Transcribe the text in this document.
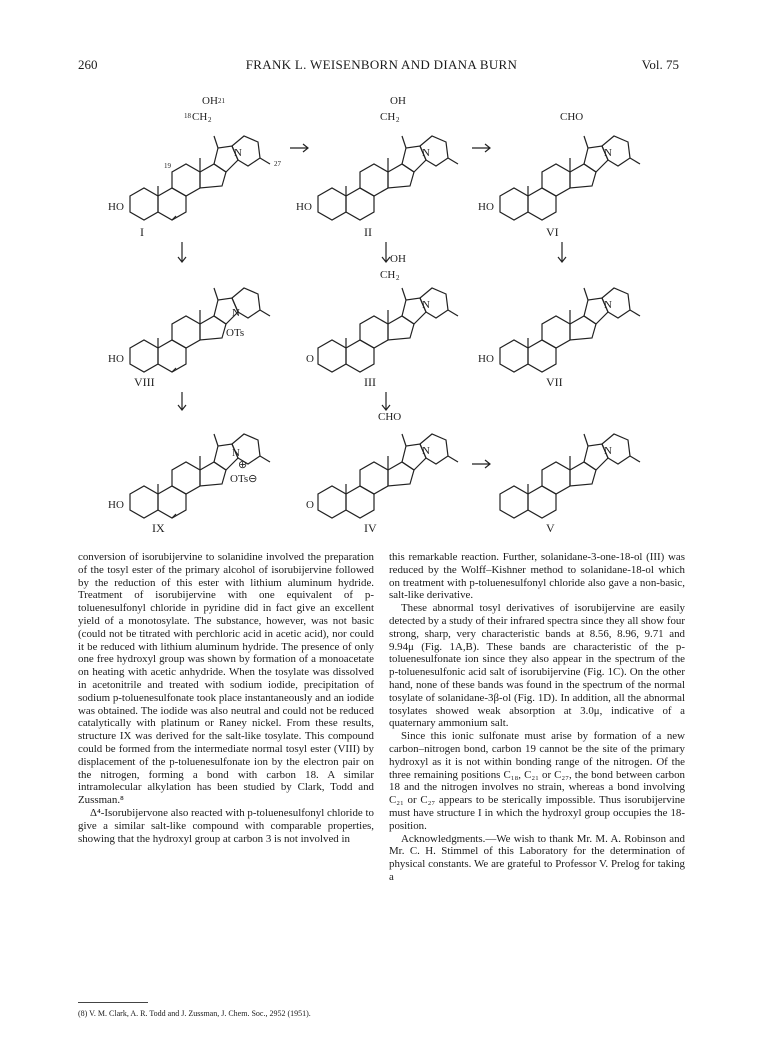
260	FRANK L. WEISENBORN AND DIANA BURN	Vol. 75
HO
OH 21
18 CH 2
19
N
27
I
HO
OH
CH 2
N
II
HO
CHO
N
VI
HO
N
OTs
VIII
O
OH
CH 2
N
III
HO
N
VII
HO
N
⊕
OTs⊖
IX
O
CHO
N
IV
N
V

conversion of isorubijervine to solanidine involved the preparation of the tosyl ester of the primary alcohol of isorubijervine followed by the reduction of this ester with lithium aluminum hydride. Treatment of isorubijervine with one equivalent of p-toluenesulfonyl chloride in pyridine did in fact give an excellent yield of a monotosylate. The substance, however, was not basic (could not be titrated with perchloric acid in acetic acid), nor could it be reduced with lithium aluminum hydride. The presence of only one free hydroxyl group was shown by formation of a monoacetate on heating with acetic anhydride. When the tosylate was dissolved in acetonitrile and treated with sodium iodide, precipitation of sodium p-toluenesulfonate took place instantaneously and an iodide was obtained. The iodide was also neutral and could not be reduced catalytically with platinum or Raney nickel. From these results, structure IX was derived for the salt-like tosylate. This compound could be formed from the intermediate normal tosyl ester (VIII) by displacement of the p-toluenesulfonate ion by the electron pair on the nitrogen, forming a bond with carbon 18. A similar intramolecular alkylation has been studied by Clark, Todd and Zussman.⁸

Δ⁴-Isorubijervone also reacted with p-toluenesulfonyl chloride to give a similar salt-like compound with comparable properties, showing that the hydroxyl group at carbon 3 is not involved in

(8) V. M. Clark, A. R. Todd and J. Zussman, J. Chem. Soc., 2952 (1951).

this remarkable reaction. Further, solanidane-3-one-18-ol (III) was reduced by the Wolff–Kishner method to solanidane-18-ol which on treatment with p-toluenesulfonyl chloride also gave a non-basic, salt-like derivative.

These abnormal tosyl derivatives of isorubijervine are easily detected by a study of their infrared spectra since they all show four strong, sharp, very characteristic bands at 8.56, 8.96, 9.71 and 9.94μ (Fig. 1A,B). These bands are characteristic of the p-toluenesulfonate ion since they also appear in the spectrum of the p-toluenesulfonic acid salt of isorubijervine (Fig. 1C). On the other hand, none of these bands was found in the spectrum of the normal tosylate of solanidane-3β-ol (Fig. 1D). In addition, all the abnormal tosylates showed weak absorption at 3.0μ, indicative of a quaternary ammonium salt.

Since this ionic sulfonate must arise by formation of a new carbon–nitrogen bond, carbon 19 cannot be the site of the primary hydroxyl as it is not within bonding range of the nitrogen. Of the three remaining positions C₁₈, C₂₁ or C₂₇, the bond between carbon 18 and the nitrogen involves no strain, whereas a bond involving C₂₁ or C₂₇ appears to be sterically impossible. Thus isorubijervine must have structure I in which the hydroxyl group occupies the 18-position.

Acknowledgments.—We wish to thank Mr. M. A. Robinson and Mr. C. H. Stimmel of this Laboratory for the determination of physical constants. We are grateful to Professor V. Prelog for taking a
